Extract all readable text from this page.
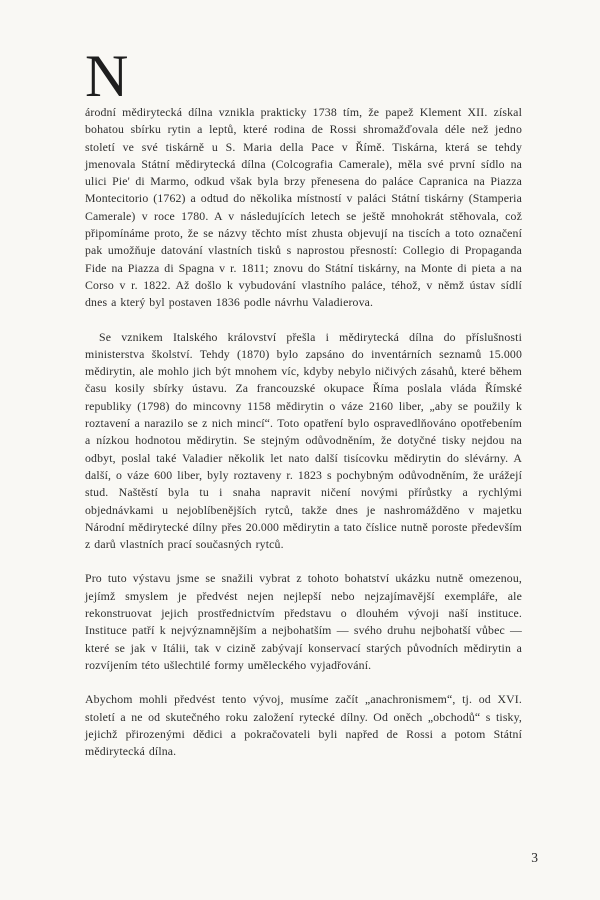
N

árodní mědirytecká dílna vznikla prakticky 1738 tím, že papež Klement XII. získal bohatou sbírku rytin a leptů, které rodina de Rossi shromažďovala déle než jedno století ve své tiskárně u S. Maria della Pace v Římě. Tiskárna, která se tehdy jmenovala Státní mědirytecká dílna (Colcografia Camerale), měla své první sídlo na ulici Pie' di Marmo, odkud však byla brzy přenesena do paláce Capranica na Piazza Montecitorio (1762) a odtud do několika místností v paláci Státní tiskárny (Stamperia Camerale) v roce 1780. A v následujících letech se ještě mnohokrát stěhovala, což připomínáme proto, že se názvy těchto míst zhusta objevují na tiscích a toto označení pak umožňuje datování vlastních tisků s naprostou přesností: Collegio di Propaganda Fide na Piazza di Spagna v r. 1811; znovu do Státní tiskárny, na Monte di pieta a na Corso v r. 1822. Až došlo k vybudování vlastního paláce, téhož, v němž ústav sídlí dnes a který byl postaven 1836 podle návrhu Valadierova.

Se vznikem Italského království přešla i mědirytecká dílna do příslušnosti ministerstva školství. Tehdy (1870) bylo zapsáno do inventárních seznamů 15.000 mědirytin, ale mohlo jich být mnohem víc, kdyby nebylo ničivých zásahů, které během času kosily sbírky ústavu. Za francouzské okupace Říma poslala vláda Římské republiky (1798) do mincovny 1158 mědirytin o váze 2160 liber, „aby se použily k roztavení a narazilo se z nich mincí“. Toto opatření bylo ospravedlňováno opotřebením a nízkou hodnotou mědirytin. Se stejným odůvodněním, že dotyčné tisky nejdou na odbyt, poslal také Valadier několik let nato další tisícovku mědirytin do slévárny. A další, o váze 600 liber, byly roztaveny r. 1823 s pochybným odůvodněním, že urážejí stud. Naštěstí byla tu i snaha napravit ničení novými přírůstky a rychlými objednávkami u nejoblíbenějších rytců, takže dnes je nashromážděno v majetku Národní mědirytecké dílny přes 20.000 mědirytin a tato číslice nutně poroste především z darů vlastních prací současných rytců.

Pro tuto výstavu jsme se snažili vybrat z tohoto bohatství ukázku nutně omezenou, jejímž smyslem je předvést nejen nejlepší nebo nejzajímavější exempláře, ale rekonstruovat jejich prostřednictvím představu o dlouhém vývoji naší instituce. Instituce patří k nejvýznamnějším a nejbohatším — svého druhu nejbohatší vůbec — které se jak v Itálii, tak v cizině zabývají konservací starých původních mědirytin a rozvíjením této ušlechtilé formy uměleckého vyjadřování.

Abychom mohli předvést tento vývoj, musíme začít „anachronismem“, tj. od XVI. století a ne od skutečného roku založení rytecké dílny. Od oněch „obchodů“ s tisky, jejichž přirozenými dědici a pokračovateli byli napřed de Rossi a potom Státní mědirytecká dílna.

3
